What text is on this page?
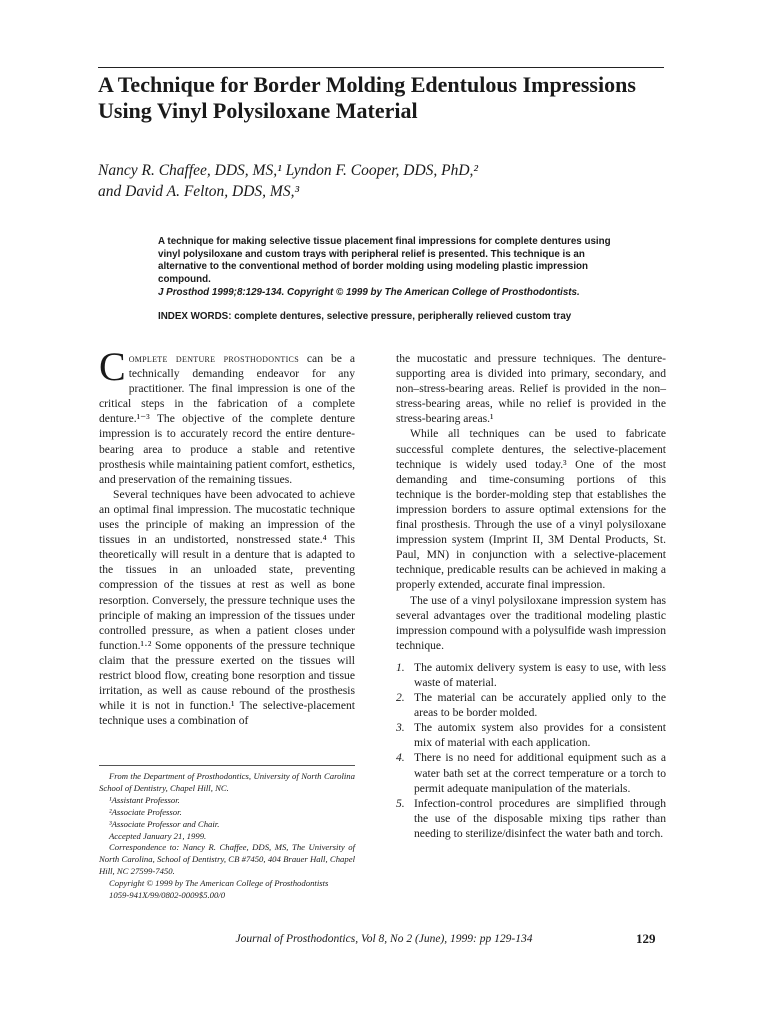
A Technique for Border Molding Edentulous Impressions Using Vinyl Polysiloxane Material
Nancy R. Chaffee, DDS, MS,¹ Lyndon F. Cooper, DDS, PhD,²
and David A. Felton, DDS, MS,³

A technique for making selective tissue placement final impressions for complete dentures using vinyl polysiloxane and custom trays with peripheral relief is presented. This technique is an alternative to the conventional method of border molding using modeling plastic impression compound.

J Prosthod 1999;8:129-134. Copyright © 1999 by The American College of Prosthodontists.

INDEX WORDS: complete dentures, selective pressure, peripherally relieved custom tray

Complete denture prosthodontics can be a technically demanding endeavor for any practitioner. The final impression is one of the critical steps in the fabrication of a complete denture.¹⁻³ The objective of the complete denture impression is to accurately record the entire denture-bearing area to produce a stable and retentive prosthesis while maintaining patient comfort, esthetics, and preservation of the remaining tissues.

Several techniques have been advocated to achieve an optimal final impression. The mucostatic technique uses the principle of making an impression of the tissues in an undistorted, nonstressed state.⁴ This theoretically will result in a denture that is adapted to the tissues in an unloaded state, preventing compression of the tissues at rest as well as bone resorption. Conversely, the pressure technique uses the principle of making an impression of the tissues under controlled pressure, as when a patient closes under function.¹·² Some opponents of the pressure technique claim that the pressure exerted on the tissues will restrict blood flow, creating bone resorption and tissue irritation, as well as cause rebound of the prosthesis while it is not in function.¹ The selective-placement technique uses a combination of

the mucostatic and pressure techniques. The denture-supporting area is divided into primary, secondary, and non–stress-bearing areas. Relief is provided in the non–stress-bearing areas, while no relief is provided in the stress-bearing areas.¹

While all techniques can be used to fabricate successful complete dentures, the selective-placement technique is widely used today.³ One of the most demanding and time-consuming portions of this technique is the border-molding step that establishes the impression borders to assure optimal extensions for the final prosthesis. Through the use of a vinyl polysiloxane impression system (Imprint II, 3M Dental Products, St. Paul, MN) in conjunction with a selective-placement technique, predicable results can be achieved in making a properly extended, accurate final impression.

The use of a vinyl polysiloxane impression system has several advantages over the traditional modeling plastic impression compound with a polysulfide wash impression technique.

1. The automix delivery system is easy to use, with less waste of material.
2. The material can be accurately applied only to the areas to be border molded.
3. The automix system also provides for a consistent mix of material with each application.
4. There is no need for additional equipment such as a water bath set at the correct temperature or a torch to permit adequate manipulation of the materials.
5. Infection-control procedures are simplified through the use of the disposable mixing tips rather than needing to sterilize/disinfect the water bath and torch.

From the Department of Prosthodontics, University of North Carolina School of Dentistry, Chapel Hill, NC.

¹Assistant Professor.

²Associate Professor.

³Associate Professor and Chair.

Accepted January 21, 1999.

Correspondence to: Nancy R. Chaffee, DDS, MS, The University of North Carolina, School of Dentistry, CB #7450, 404 Brauer Hall, Chapel Hill, NC 27599-7450.

Copyright © 1999 by The American College of Prosthodontists

1059-941X/99/0802-0009$5.00/0

Journal of Prosthodontics, Vol 8, No 2 (June), 1999: pp 129-134	129
